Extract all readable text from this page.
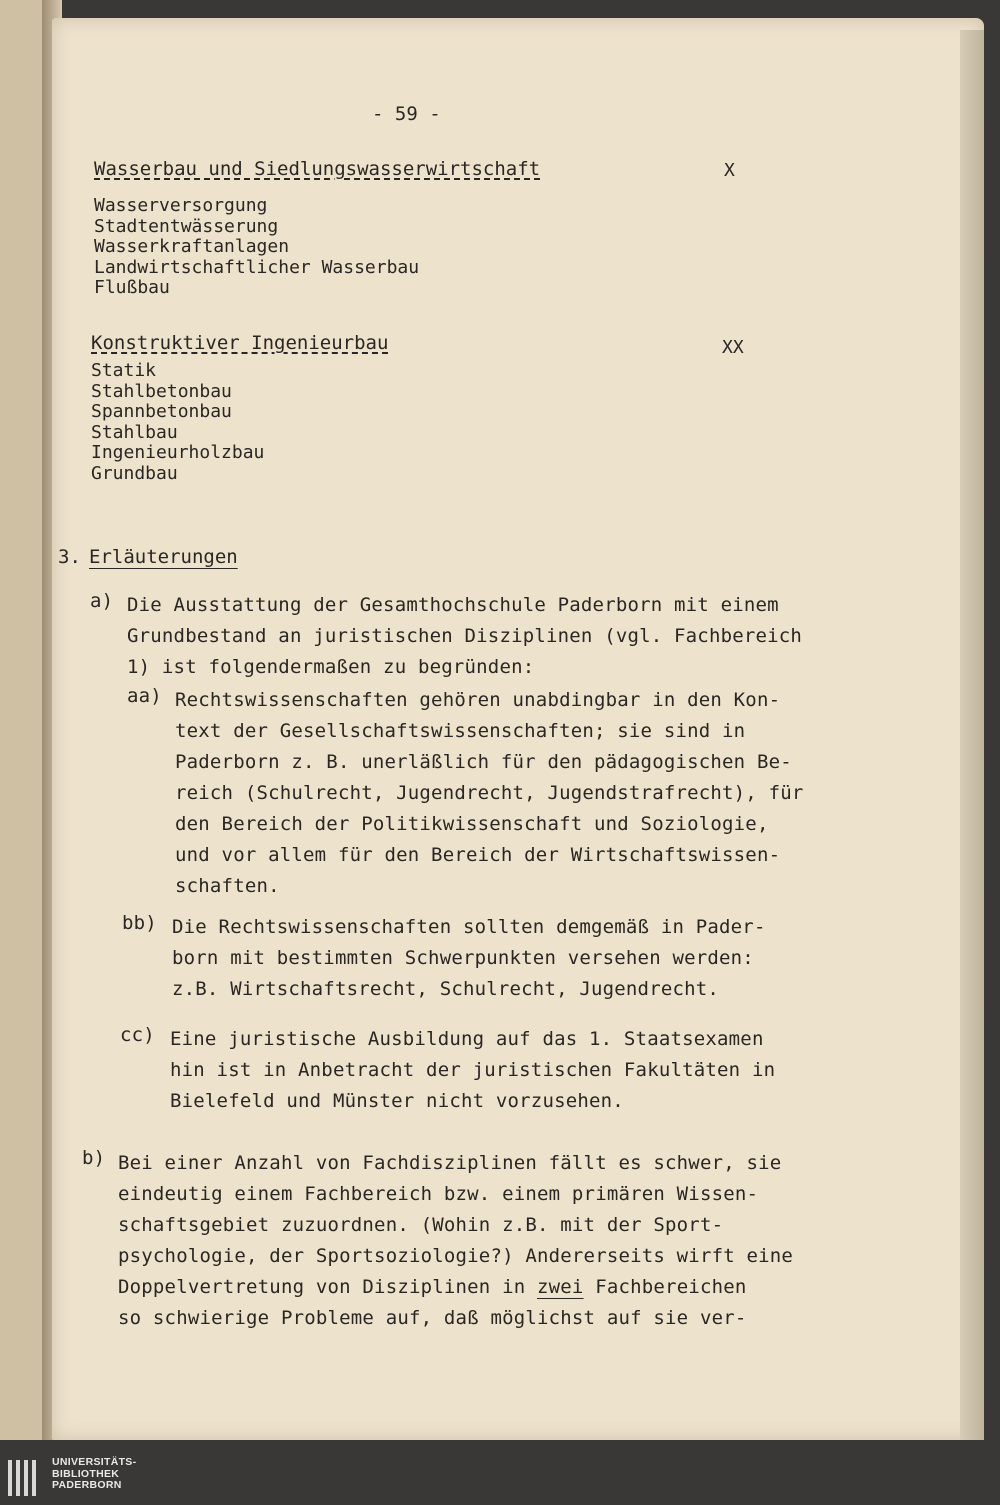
- 59 -
Wasserbau und Siedlungswasserwirtschaft	X
Wasserversorgung
Stadtentwässerung
Wasserkraftanlagen
Landwirtschaftlicher Wasserbau
Flußbau
Konstruktiver Ingenieurbau	XX
Statik
Stahlbetonbau
Spannbetonbau
Stahlbau
Ingenieurholzbau
Grundbau
3. Erläuterungen
a) Die Ausstattung der Gesamthochschule Paderborn mit einem
Grundbestand an juristischen Disziplinen (vgl. Fachbereich
1) ist folgendermaßen zu begründen:
aa) Rechtswissenschaften gehören unabdingbar in den Kon-
text der Gesellschaftswissenschaften; sie sind in
Paderborn z. B. unerläßlich für den pädagogischen Be-
reich (Schulrecht, Jugendrecht, Jugendstrafrecht), für
den Bereich der Politikwissenschaft und Soziologie,
und vor allem für den Bereich der Wirtschaftswissen-
schaften.
bb) Die Rechtswissenschaften sollten demgemäß in Pader-
born mit bestimmten Schwerpunkten versehen werden:
z.B. Wirtschaftsrecht, Schulrecht, Jugendrecht.
cc) Eine juristische Ausbildung auf das 1. Staatsexamen
hin ist in Anbetracht der juristischen Fakultäten in
Bielefeld und Münster nicht vorzusehen.
b) Bei einer Anzahl von Fachdisziplinen fällt es schwer, sie
eindeutig einem Fachbereich bzw. einem primären Wissen-
schaftsgebiet zuzuordnen. (Wohin z.B. mit der Sport-
psychologie, der Sportsoziologie?) Andererseits wirft eine
Doppelvertretung von Disziplinen in zwei Fachbereichen
so schwierige Probleme auf, daß möglichst auf sie ver-
UNIVERSITÄTS-
BIBLIOTHEK
PADERBORN
